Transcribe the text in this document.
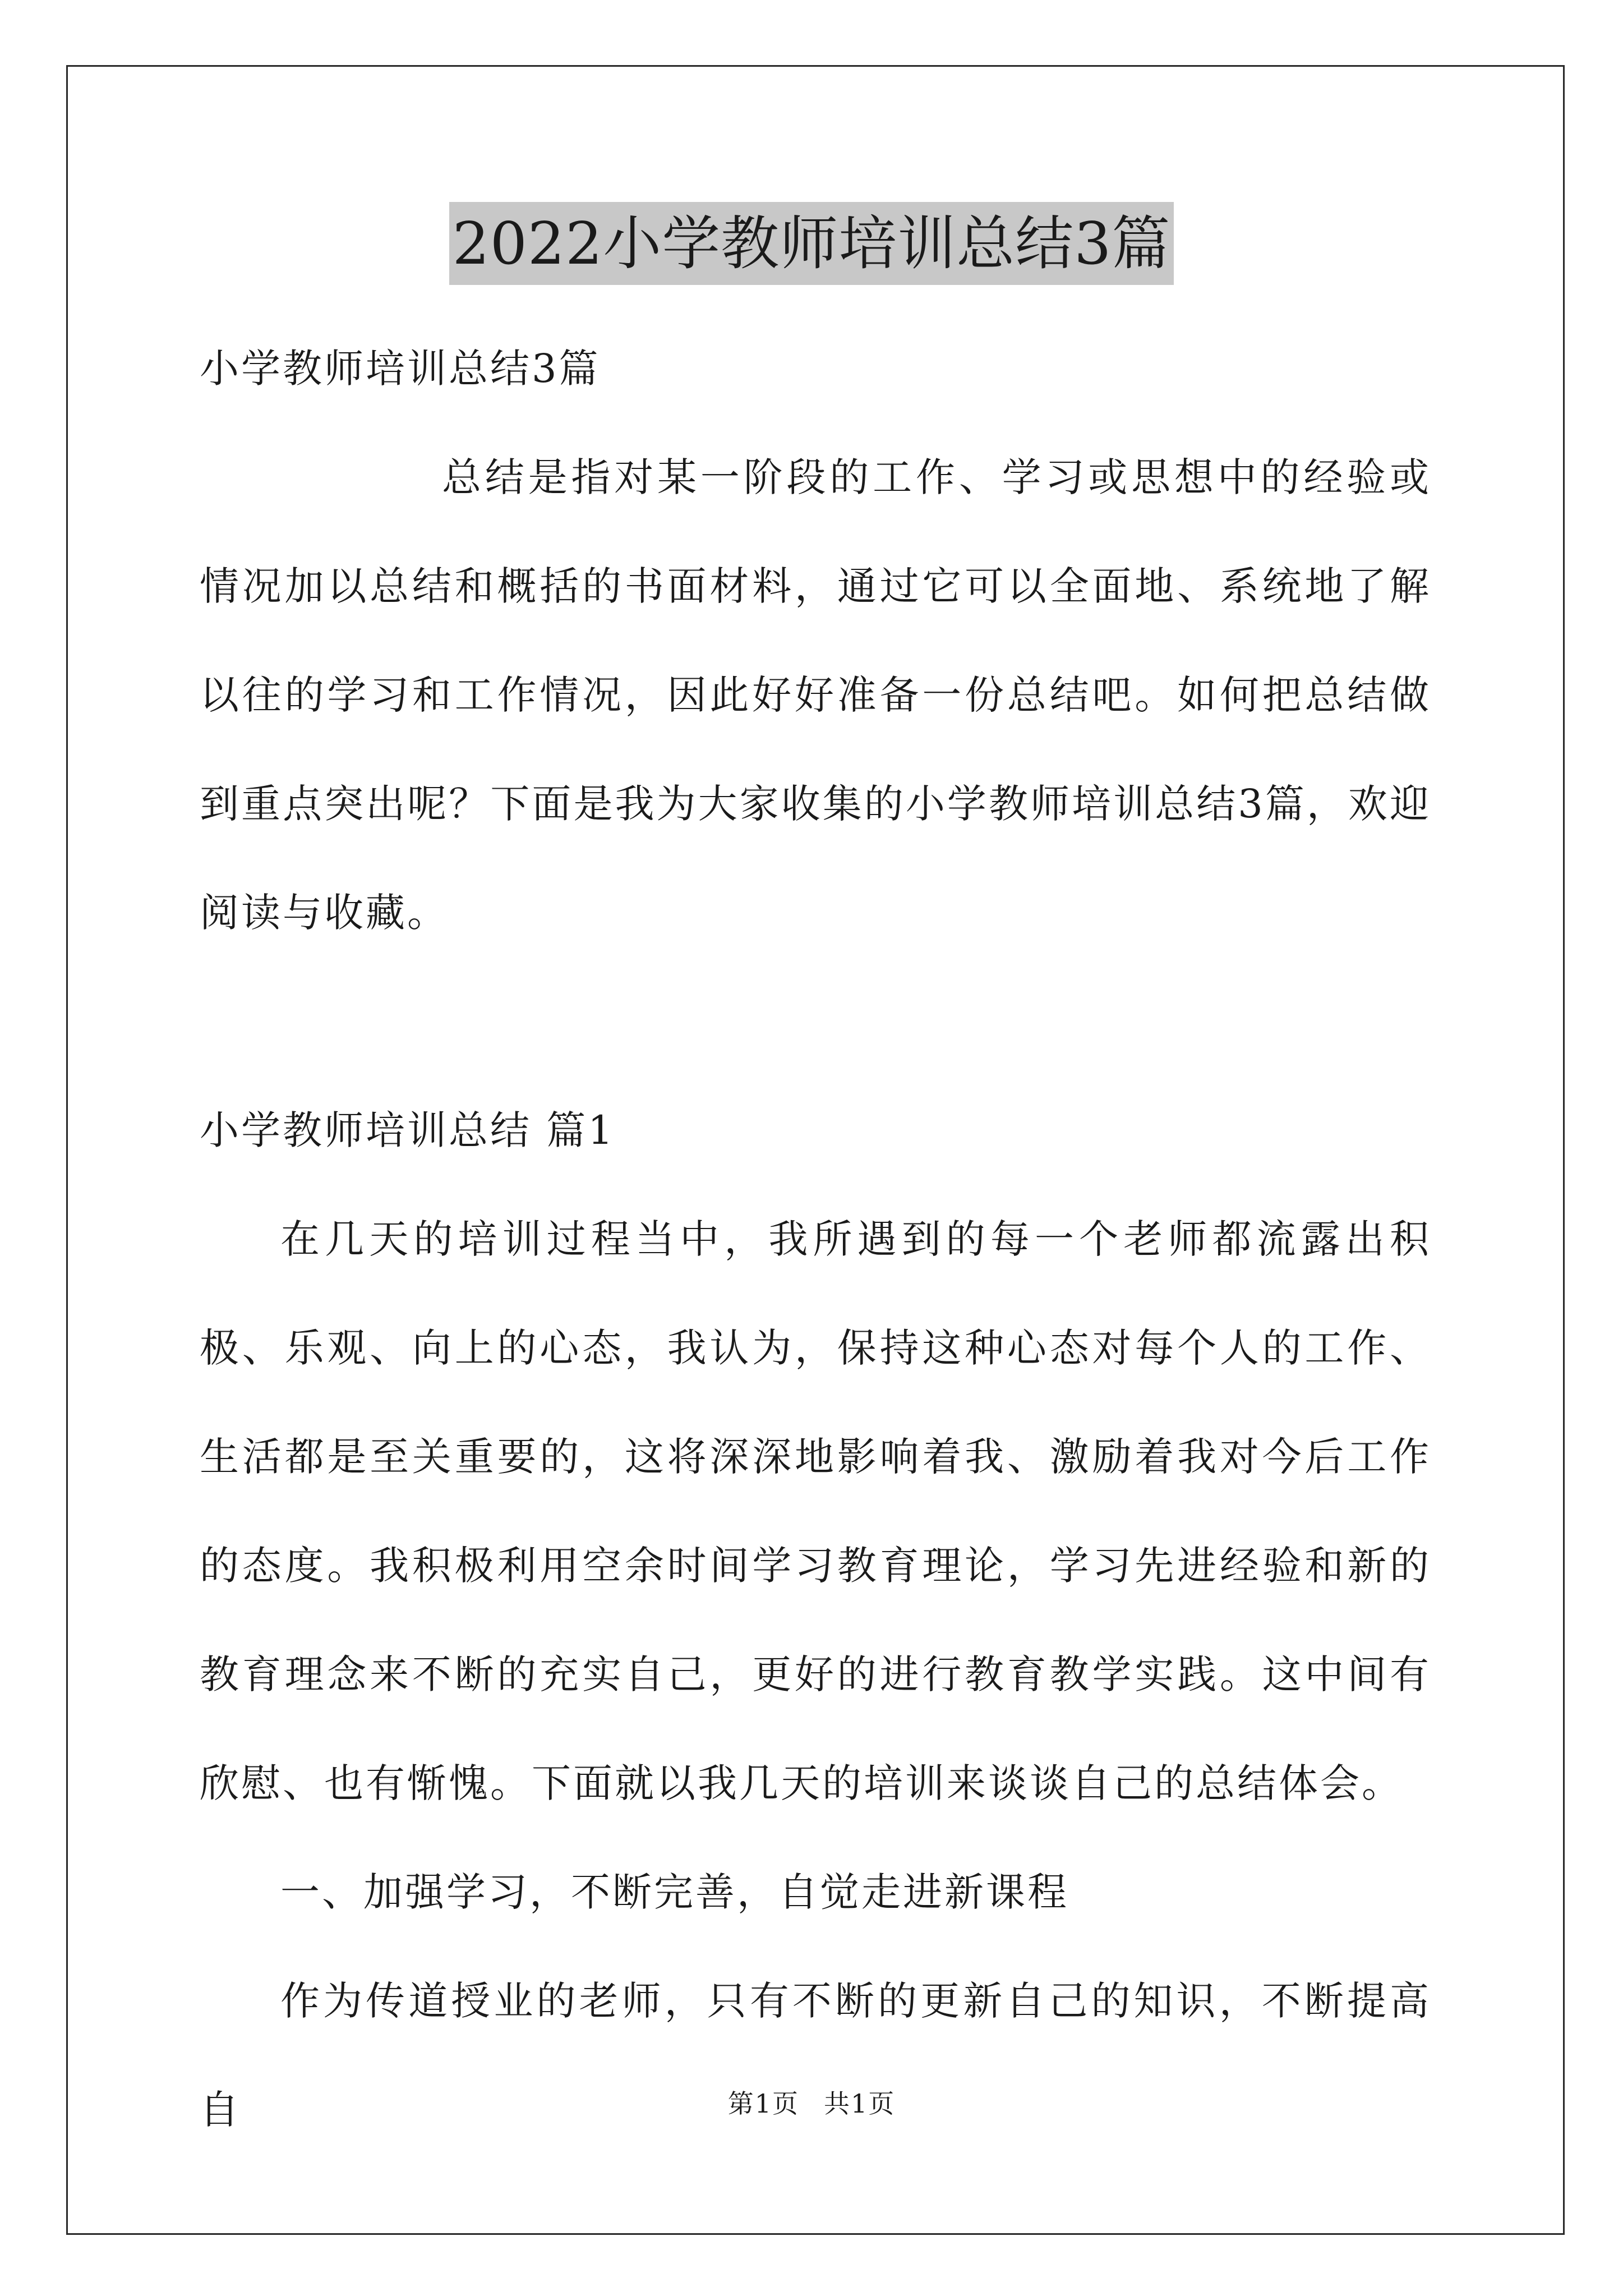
2022小学教师培训总结3篇

小学教师培训总结3篇

总结是指对某一阶段的工作、学习或思想中的经验或情况加以总结和概括的书面材料，通过它可以全面地、系统地了解以往的学习和工作情况，因此好好准备一份总结吧。如何把总结做到重点突出呢？下面是我为大家收集的小学教师培训总结3篇，欢迎阅读与收藏。

小学教师培训总结 篇1

在几天的培训过程当中，我所遇到的每一个老师都流露出积极、乐观、向上的心态，我认为，保持这种心态对每个人的工作、生活都是至关重要的，这将深深地影响着我、激励着我对今后工作的态度。我积极利用空余时间学习教育理论，学习先进经验和新的教育理念来不断的充实自己，更好的进行教育教学实践。这中间有欣慰、也有惭愧。下面就以我几天的培训来谈谈自己的总结体会。

一、加强学习，不断完善，自觉走进新课程

作为传道授业的老师，只有不断的更新自己的知识，不断提高自	第1页 共1页
